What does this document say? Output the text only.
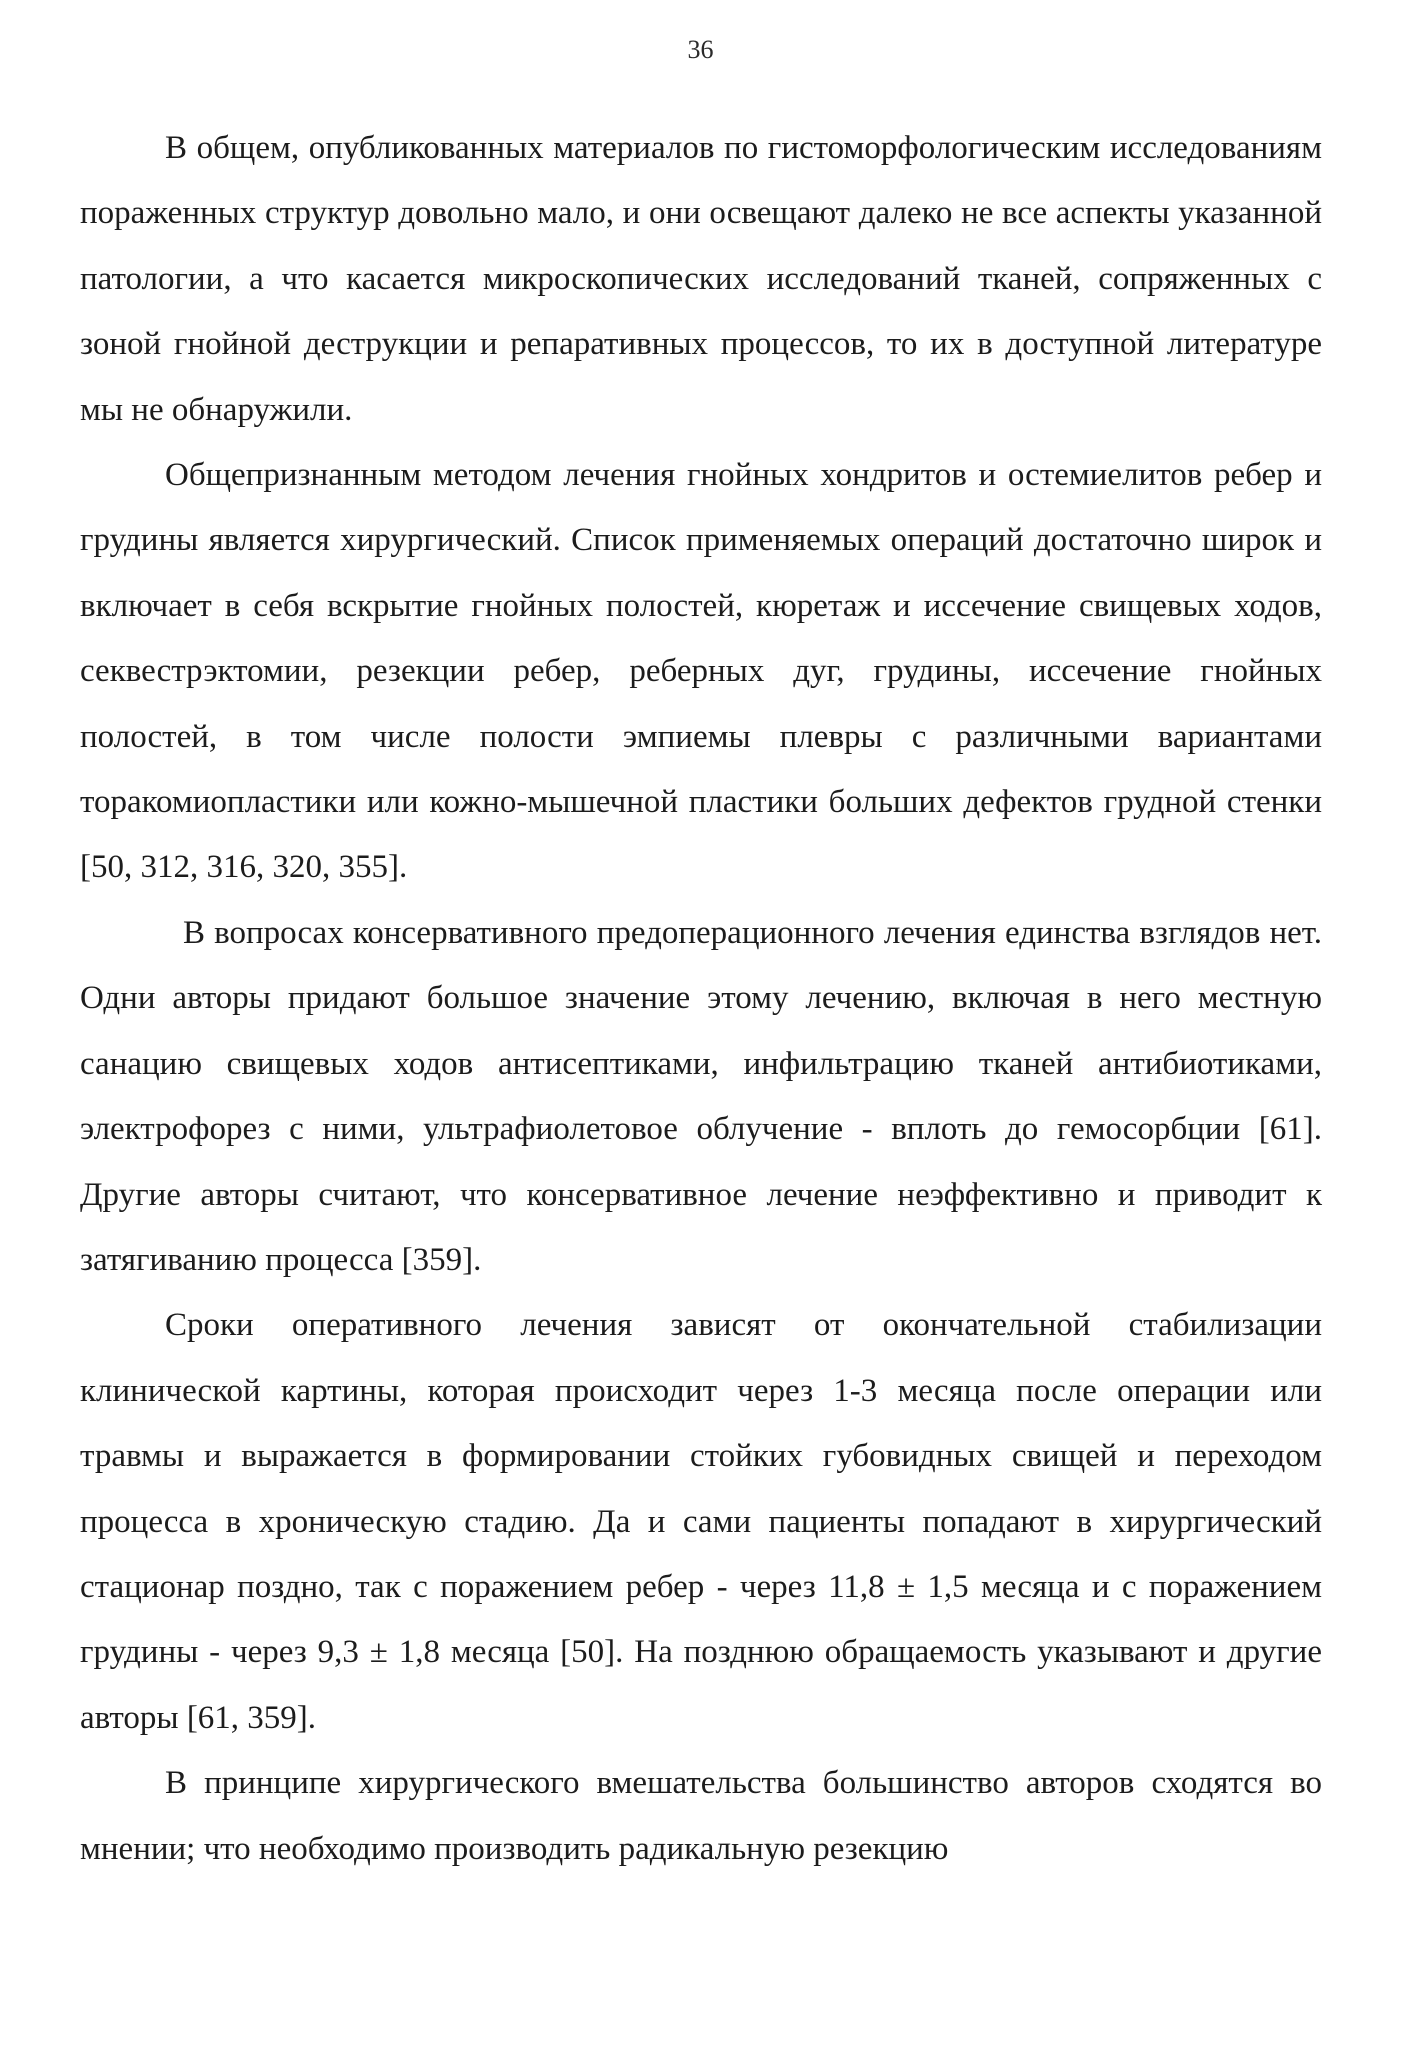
36

В общем, опубликованных материалов по гистоморфологическим исследованиям пораженных структур довольно мало, и они освещают далеко не все аспекты указанной патологии, а что касается микроскопических исследований тканей, сопряженных с зоной гнойной деструкции и репаративных процессов, то их в доступной литературе мы не обнаружили.

Общепризнанным методом лечения гнойных хондритов и остемиелитов ребер и грудины является хирургический. Список применяемых операций достаточно широк и включает в себя вскрытие гнойных полостей, кюретаж и иссечение свищевых ходов, секвестрэктомии, резекции ребер, реберных дуг, грудины, иссечение гнойных полостей, в том числе полости эмпиемы плевры с различными вариантами торакомиопластики или кожно-мышечной пластики больших дефектов грудной стенки [50, 312, 316, 320, 355].

В вопросах консервативного предоперационного лечения единства взглядов нет. Одни авторы придают большое значение этому лечению, включая в него местную санацию свищевых ходов антисептиками, инфильтрацию тканей антибиотиками, электрофорез с ними, ультрафиолетовое облучение - вплоть до гемосорбции [61]. Другие авторы считают, что консервативное лечение неэффективно и приводит к затягиванию процесса [359].

Сроки оперативного лечения зависят от окончательной стабилизации клинической картины, которая происходит через 1-3 месяца после операции или травмы и выражается в формировании стойких губовидных свищей и переходом процесса в хроническую стадию. Да и сами пациенты попадают в хирургический стационар поздно, так с поражением ребер - через 11,8 ± 1,5 месяца и с поражением грудины - через 9,3 ± 1,8 месяца [50]. На позднюю обращаемость указывают и другие авторы [61, 359].

В принципе хирургического вмешательства большинство авторов сходятся во мнении; что необходимо производить радикальную резекцию
